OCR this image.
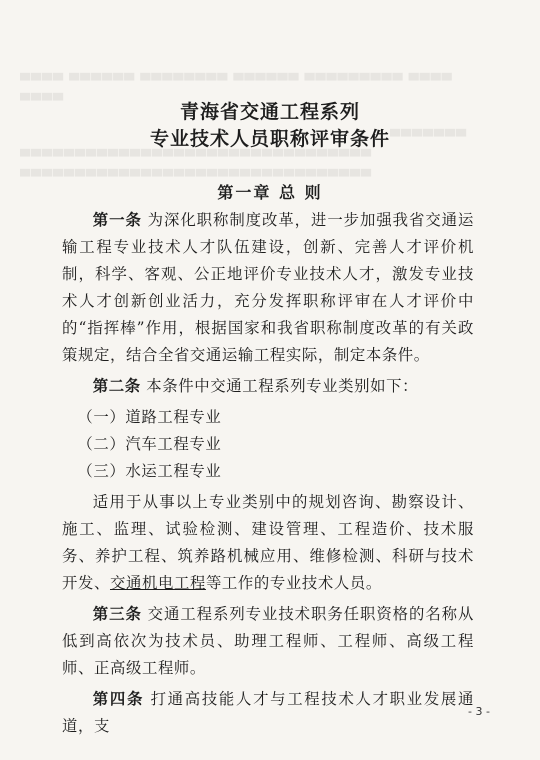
▀▀▀▀ ▀▀▀▀▀▀ ▀▀▀▀▀▀▀▀ ▀▀▀▀▀▀ ▀▀▀▀▀▀▀▀▀ ▀▀▀▀
▀▀▀▀
▀▀▀▀▀▀▀
▀▀▀▀▀▀▀▀▀▀▀▀▀▀▀▀▀▀▀▀▀▀▀▀▀▀▀▀▀▀▀▀
▀▀▀▀▀▀▀▀▀▀▀▀▀▀▀▀▀▀▀▀▀▀▀▀▀▀▀▀▀▀▀▀
青海省交通工程系列
专业技术人员职称评审条件
第一章 总 则

第一条 为深化职称制度改革，进一步加强我省交通运输工程专业技术人才队伍建设，创新、完善人才评价机制，科学、客观、公正地评价专业技术人才，激发专业技术人才创新创业活力，充分发挥职称评审在人才评价中的“指挥棒”作用，根据国家和我省职称制度改革的有关政策规定，结合全省交通运输工程实际，制定本条件。

第二条 本条件中交通工程系列专业类别如下：

（一）道路工程专业

（二）汽车工程专业

（三）水运工程专业

适用于从事以上专业类别中的规划咨询、勘察设计、施工、监理、试验检测、建设管理、工程造价、技术服务、养护工程、筑养路机械应用、维修检测、科研与技术开发、交通机电工程等工作的专业技术人员。

第三条 交通工程系列专业技术职务任职资格的名称从低到高依次为技术员、助理工程师、工程师、高级工程师、正高级工程师。

第四条 打通高技能人才与工程技术人才职业发展通道，支

- 3 -
